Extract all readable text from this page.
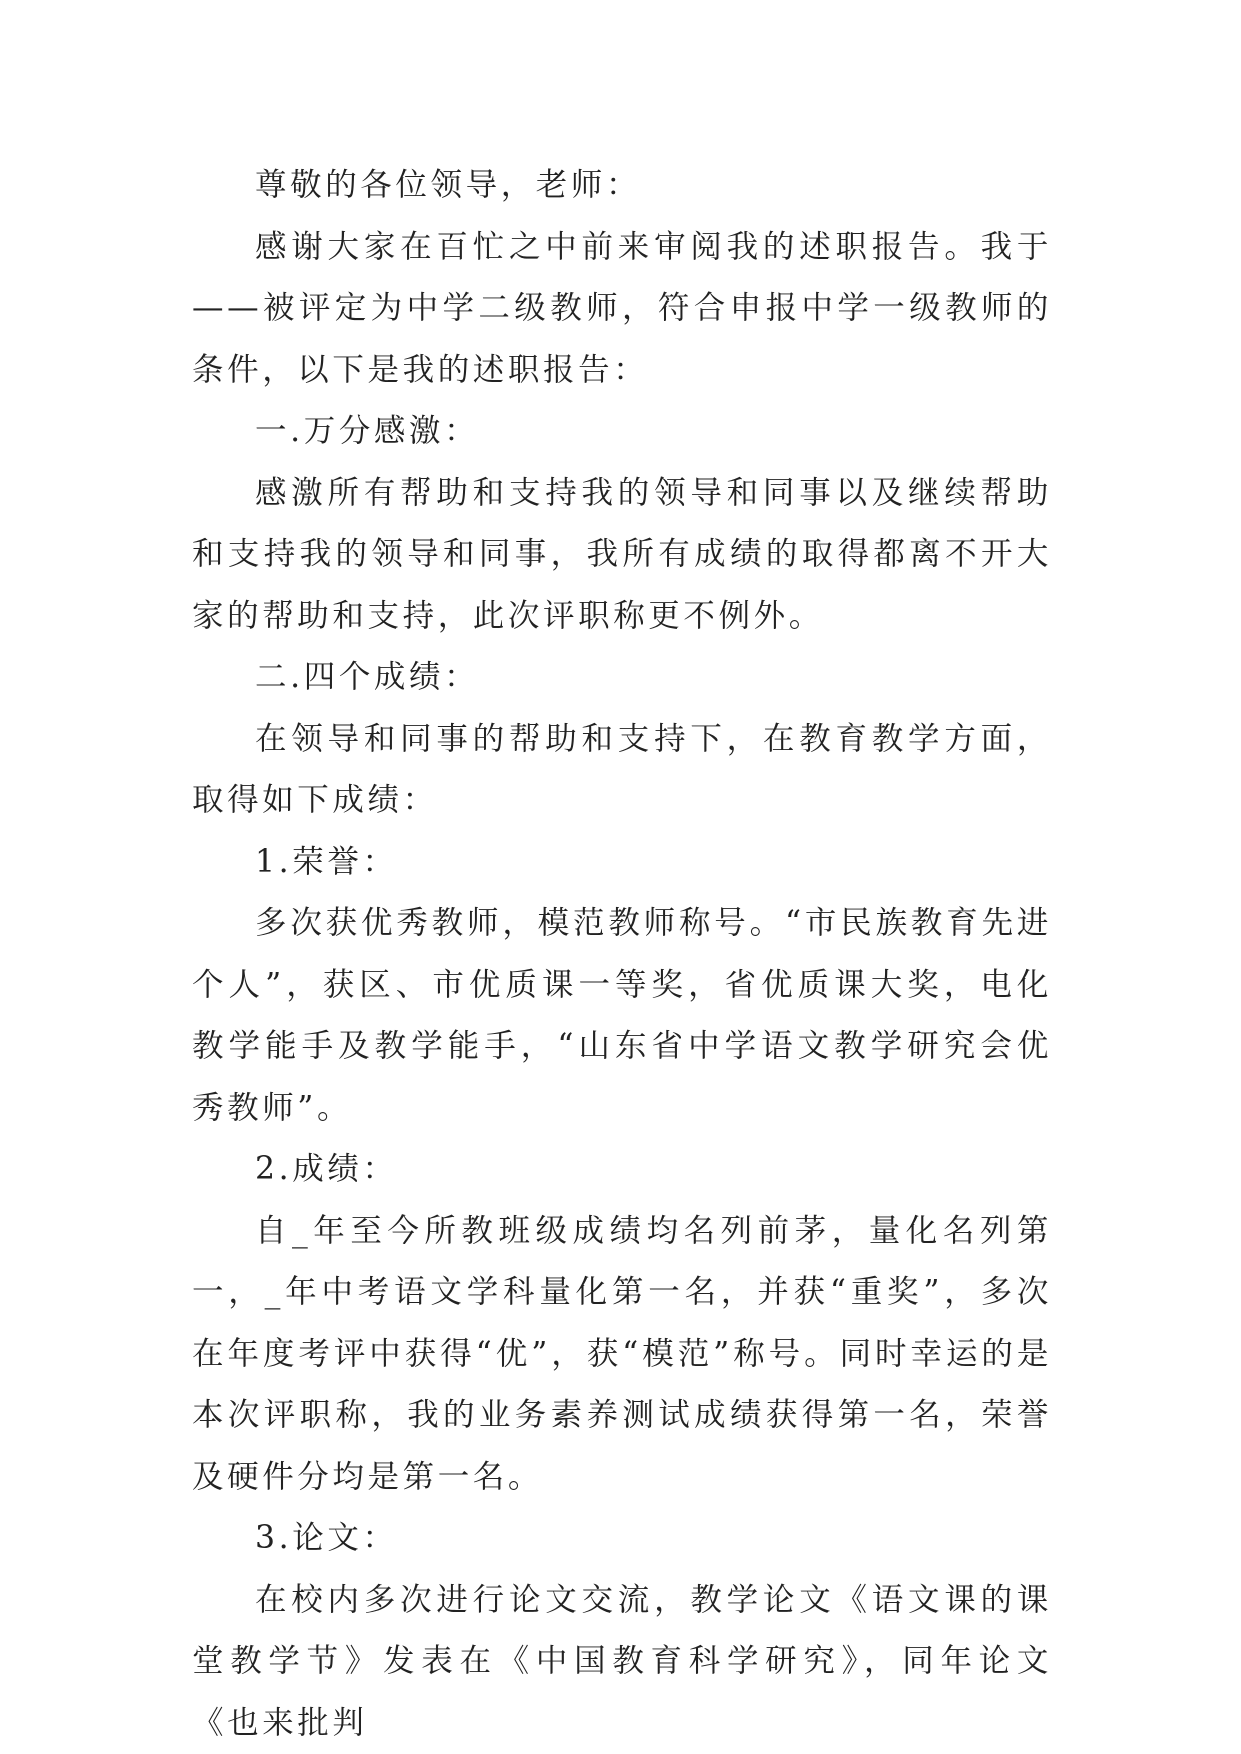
尊敬的各位领导，老师：

感谢大家在百忙之中前来审阅我的述职报告。我于——被评定为中学二级教师，符合申报中学一级教师的条件，以下是我的述职报告：

一.万分感激：

感激所有帮助和支持我的领导和同事以及继续帮助和支持我的领导和同事，我所有成绩的取得都离不开大家的帮助和支持，此次评职称更不例外。

二.四个成绩：

在领导和同事的帮助和支持下，在教育教学方面，取得如下成绩：

1.荣誉：

多次获优秀教师，模范教师称号。“市民族教育先进个人”，获区、市优质课一等奖，省优质课大奖，电化教学能手及教学能手，“山东省中学语文教学研究会优秀教师”。

2.成绩：

自_年至今所教班级成绩均名列前茅，量化名列第一，_年中考语文学科量化第一名，并获“重奖”，多次在年度考评中获得“优”，获“模范”称号。同时幸运的是本次评职称，我的业务素养测试成绩获得第一名，荣誉及硬件分均是第一名。

3.论文：

在校内多次进行论文交流，教学论文《语文课的课堂教学节》发表在《中国教育科学研究》，同年论文《也来批判
